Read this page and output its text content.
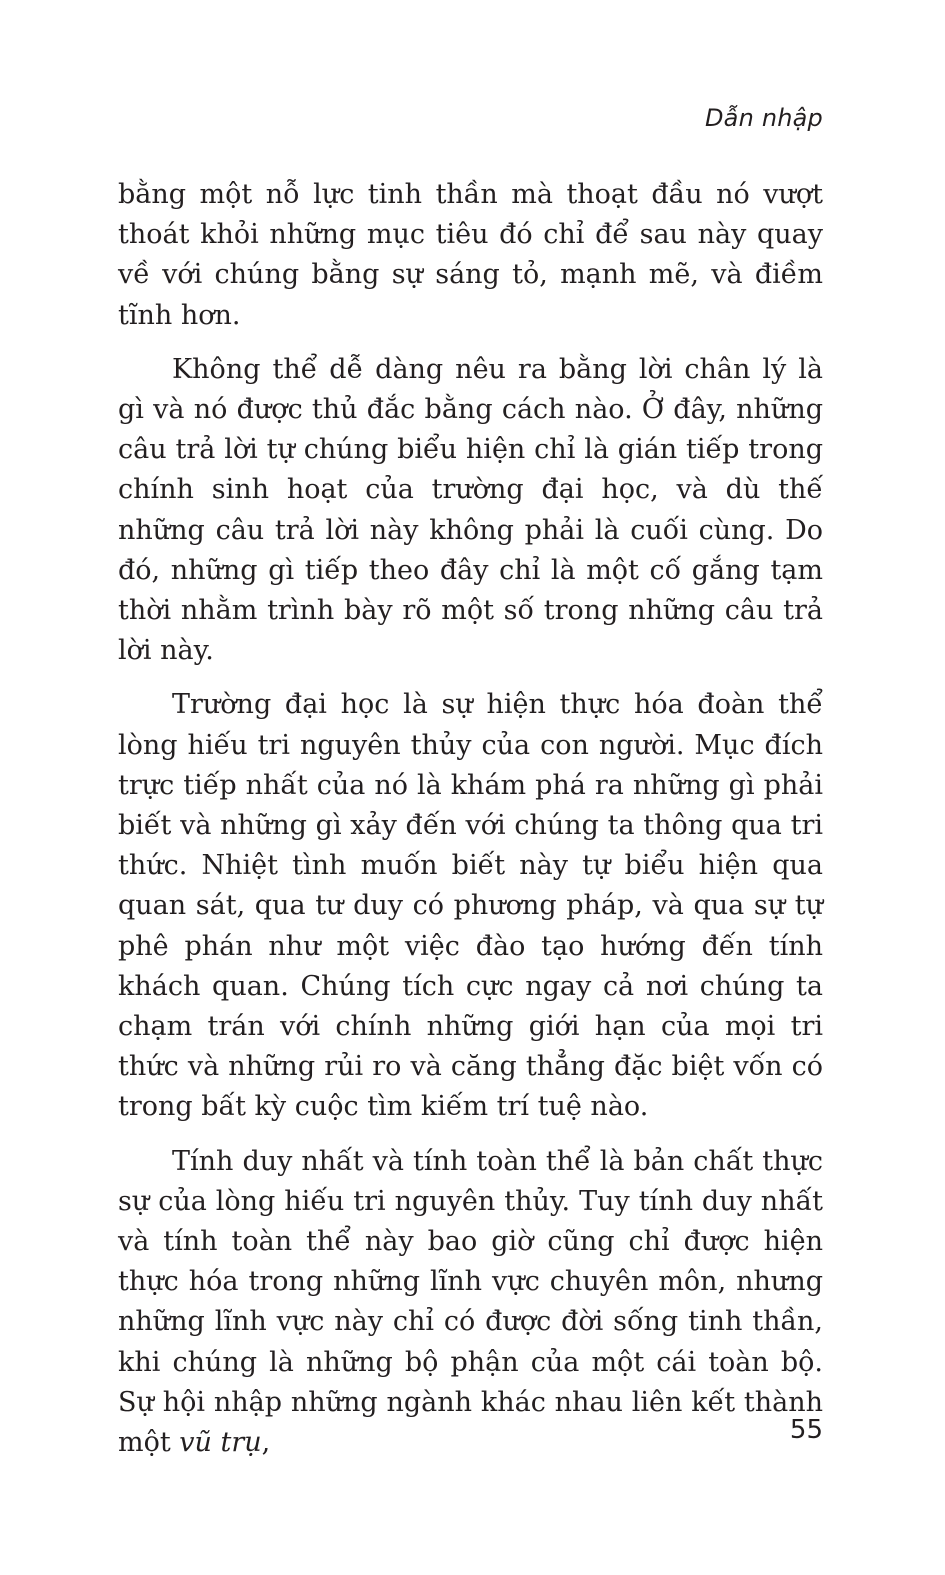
Dẫn nhập

bằng một nỗ lực tinh thần mà thoạt đầu nó vượt thoát khỏi những mục tiêu đó chỉ để sau này quay về với chúng bằng sự sáng tỏ, mạnh mẽ, và điềm tĩnh hơn.

Không thể dễ dàng nêu ra bằng lời chân lý là gì và nó được thủ đắc bằng cách nào. Ở đây, những câu trả lời tự chúng biểu hiện chỉ là gián tiếp trong chính sinh hoạt của trường đại học, và dù thế những câu trả lời này không phải là cuối cùng. Do đó, những gì tiếp theo đây chỉ là một cố gắng tạm thời nhằm trình bày rõ một số trong những câu trả lời này.

Trường đại học là sự hiện thực hóa đoàn thể lòng hiếu tri nguyên thủy của con người. Mục đích trực tiếp nhất của nó là khám phá ra những gì phải biết và những gì xảy đến với chúng ta thông qua tri thức. Nhiệt tình muốn biết này tự biểu hiện qua quan sát, qua tư duy có phương pháp, và qua sự tự phê phán như một việc đào tạo hướng đến tính khách quan. Chúng tích cực ngay cả nơi chúng ta chạm trán với chính những giới hạn của mọi tri thức và những rủi ro và căng thẳng đặc biệt vốn có trong bất kỳ cuộc tìm kiếm trí tuệ nào.

Tính duy nhất và tính toàn thể là bản chất thực sự của lòng hiếu tri nguyên thủy. Tuy tính duy nhất và tính toàn thể này bao giờ cũng chỉ được hiện thực hóa trong những lĩnh vực chuyên môn, nhưng những lĩnh vực này chỉ có được đời sống tinh thần, khi chúng là những bộ phận của một cái toàn bộ. Sự hội nhập những ngành khác nhau liên kết thành một vũ trụ,	55
